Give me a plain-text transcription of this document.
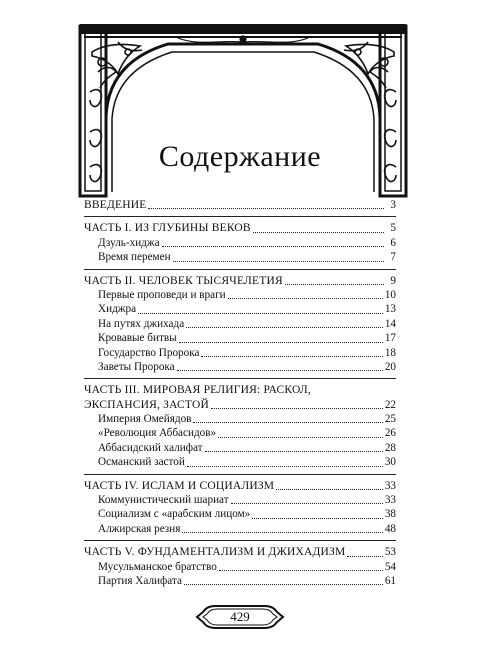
Содержание
ВВЕДЕНИЕ	3
ЧАСТЬ I. ИЗ ГЛУБИНЫ ВЕКОВ	5
Дзуль-хиджа	6
Время перемен	7
ЧАСТЬ II. ЧЕЛОВЕК ТЫСЯЧЕЛЕТИЯ	9
Первые проповеди и враги	10
Хиджра	13
На путях джихада	14
Кровавые битвы	17
Государство Пророка	18
Заветы Пророка	20
ЧАСТЬ III. МИРОВАЯ РЕЛИГИЯ: РАСКОЛ,
ЭКСПАНСИЯ, ЗАСТОЙ	22
Империя Омейядов	25
«Революция Аббасидов»	26
Аббасидский халифат	28
Османский застой	30
ЧАСТЬ IV. ИСЛАМ И СОЦИАЛИЗМ	33
Коммунистический шариат	33
Социализм с «арабским лицом»	38
Алжирская резня	48
ЧАСТЬ V. ФУНДАМЕНТАЛИЗМ И ДЖИХАДИЗМ	53
Мусульманское братство	54
Партия Халифата	61
429
